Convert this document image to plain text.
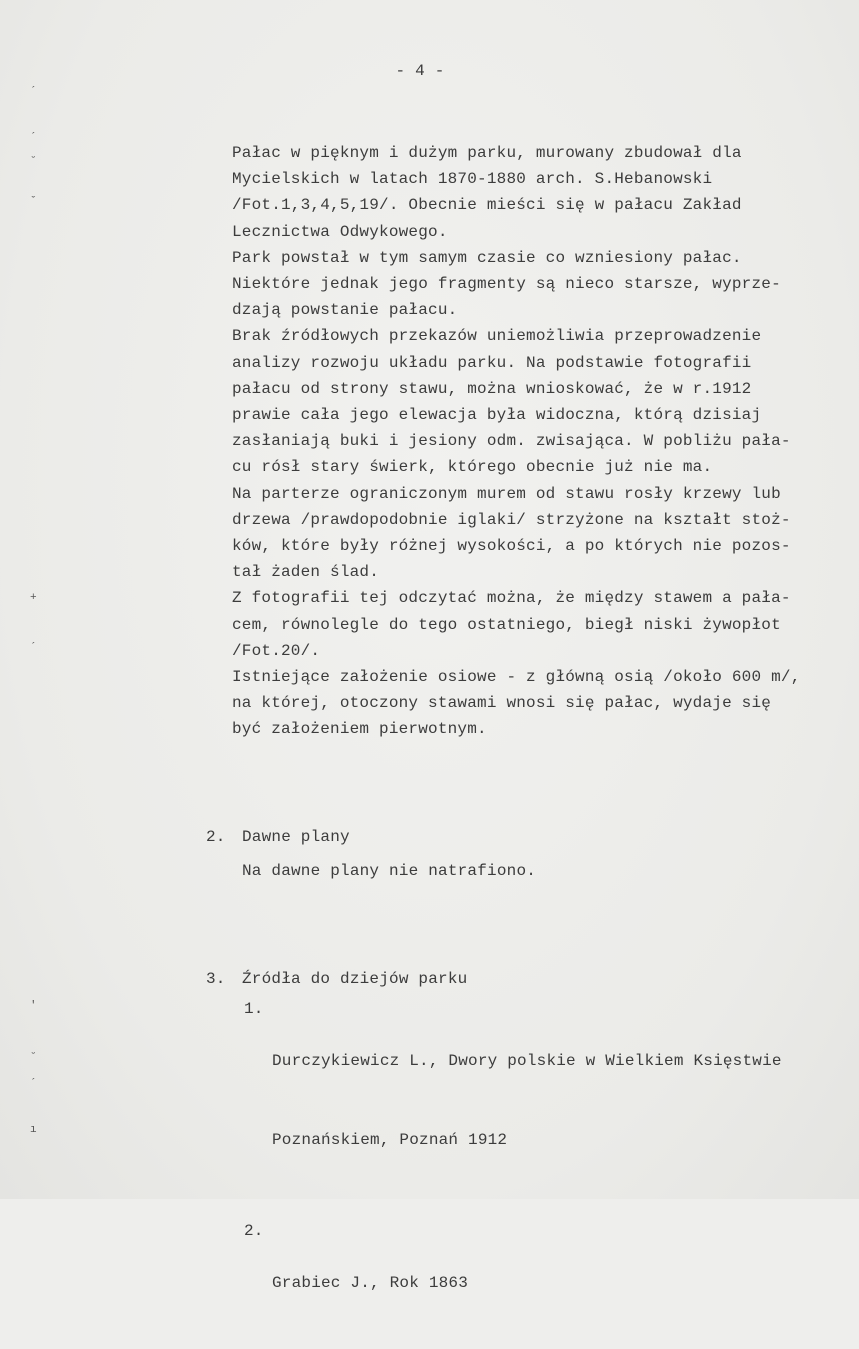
- 4 -
´
´
˘
ˇ
+
´
'
˘
´
ı
Pałac w pięknym i dużym parku, murowany zbudował dla
Mycielskich w latach 1870-1880 arch. S.Hebanowski
/Fot.1,3,4,5,19/. Obecnie mieści się w pałacu Zakład
Lecznictwa Odwykowego.
Park powstał w tym samym czasie co wzniesiony pałac.
Niektóre jednak jego fragmenty są nieco starsze, wyprze-
dzają powstanie pałacu.
Brak źródłowych przekazów uniemożliwia przeprowadzenie
analizy rozwoju układu parku. Na podstawie fotografii
pałacu od strony stawu, można wnioskować, że w r.1912
prawie cała jego elewacja była widoczna, którą dzisiaj
zasłaniają buki i jesiony odm. zwisająca. W pobliżu pała-
cu rósł stary świerk, którego obecnie już nie ma.
Na parterze ograniczonym murem od stawu rosły krzewy lub
drzewa /prawdopodobnie iglaki/ strzyżone na kształt stoż-
ków, które były różnej wysokości, a po których nie pozos-
tał żaden ślad.
Z fotografii tej odczytać można, że między stawem a pała-
cem, równolegle do tego ostatniego, biegł niski żywopłot
/Fot.20/.
Istniejące założenie osiowe - z główną osią /około 600 m/,
na której, otoczony stawami wnosi się pałac, wydaje się
być założeniem pierwotnym.
2.	Dawne plany
Na dawne plany nie natrafiono.
3.	Źródła do dziejów parku
1.

Durczykiewicz L., Dwory polskie w Wielkiem Księstwie

Poznańskiem, Poznań 1912

2.

Grabiec J., Rok 1863
